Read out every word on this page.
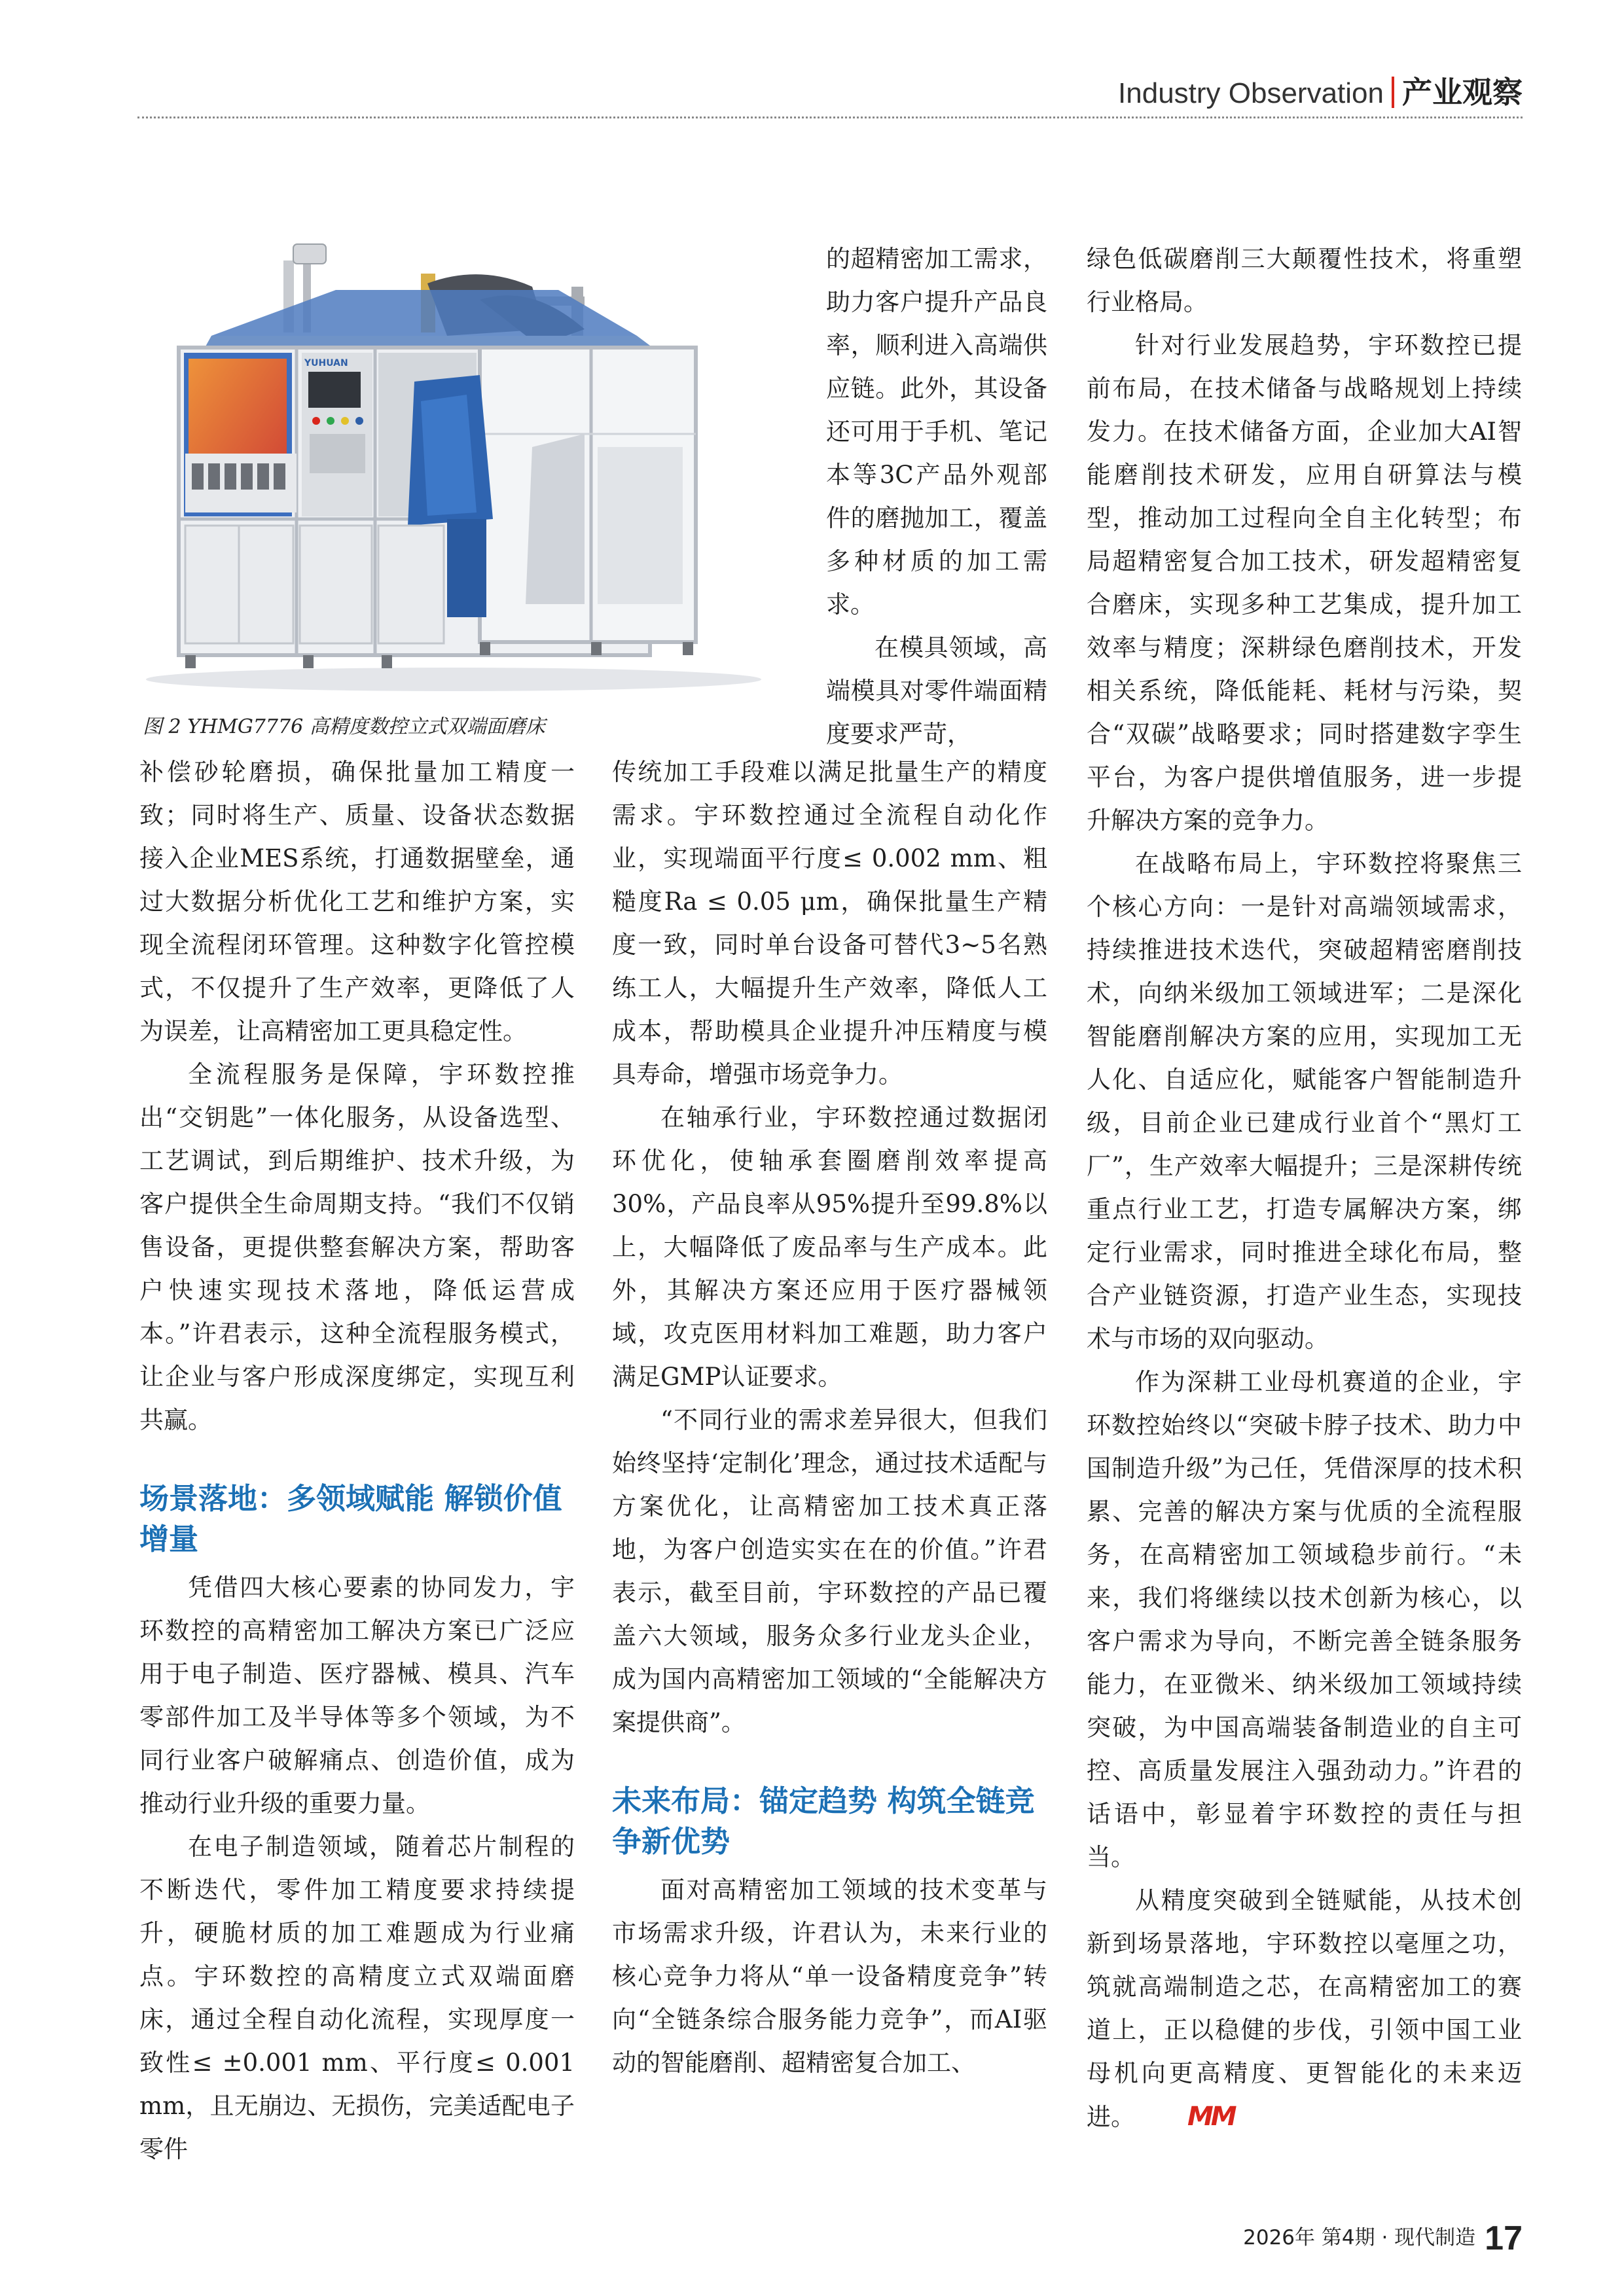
Industry Observation 产业观察
YUHUAN
图 2 YHMG7776 高精度数控立式双端面磨床

的超精密加工需求，助力客户提升产品良率，顺利进入高端供应链。此外，其设备还可用于手机、笔记本等3C产品外观部件的磨抛加工，覆盖多种材质的加工需求。

在模具领域，高端模具对零件端面精度要求严苛，

补偿砂轮磨损，确保批量加工精度一致；同时将生产、质量、设备状态数据接入企业MES系统，打通数据壁垒，通过大数据分析优化工艺和维护方案，实现全流程闭环管理。这种数字化管控模式，不仅提升了生产效率，更降低了人为误差，让高精密加工更具稳定性。

全流程服务是保障，宇环数控推出“交钥匙”一体化服务，从设备选型、工艺调试，到后期维护、技术升级，为客户提供全生命周期支持。“我们不仅销售设备，更提供整套解决方案，帮助客户快速实现技术落地，降低运营成本。”许君表示，这种全流程服务模式，让企业与客户形成深度绑定，实现互利共赢。

场景落地：多领域赋能 解锁价值增量

凭借四大核心要素的协同发力，宇环数控的高精密加工解决方案已广泛应用于电子制造、医疗器械、模具、汽车零部件加工及半导体等多个领域，为不同行业客户破解痛点、创造价值，成为推动行业升级的重要力量。

在电子制造领域，随着芯片制程的不断迭代，零件加工精度要求持续提升，硬脆材质的加工难题成为行业痛点。宇环数控的高精度立式双端面磨床，通过全程自动化流程，实现厚度一致性≤ ±0.001 mm、平行度≤ 0.001 mm，且无崩边、无损伤，完美适配电子零件

传统加工手段难以满足批量生产的精度需求。宇环数控通过全流程自动化作业，实现端面平行度≤ 0.002 mm、粗糙度Ra ≤ 0.05 μm，确保批量生产精度一致，同时单台设备可替代3~5名熟练工人，大幅提升生产效率，降低人工成本，帮助模具企业提升冲压精度与模具寿命，增强市场竞争力。

在轴承行业，宇环数控通过数据闭环优化，使轴承套圈磨削效率提高30%，产品良率从95%提升至99.8%以上，大幅降低了废品率与生产成本。此外，其解决方案还应用于医疗器械领域，攻克医用材料加工难题，助力客户满足GMP认证要求。

“不同行业的需求差异很大，但我们始终坚持‘定制化’理念，通过技术适配与方案优化，让高精密加工技术真正落地，为客户创造实实在在的价值。”许君表示，截至目前，宇环数控的产品已覆盖六大领域，服务众多行业龙头企业，成为国内高精密加工领域的“全能解决方案提供商”。

未来布局：锚定趋势 构筑全链竞争新优势

面对高精密加工领域的技术变革与市场需求升级，许君认为，未来行业的核心竞争力将从“单一设备精度竞争”转向“全链条综合服务能力竞争”，而AI驱动的智能磨削、超精密复合加工、

绿色低碳磨削三大颠覆性技术，将重塑行业格局。

针对行业发展趋势，宇环数控已提前布局，在技术储备与战略规划上持续发力。在技术储备方面，企业加大AI智能磨削技术研发，应用自研算法与模型，推动加工过程向全自主化转型；布局超精密复合加工技术，研发超精密复合磨床，实现多种工艺集成，提升加工效率与精度；深耕绿色磨削技术，开发相关系统，降低能耗、耗材与污染，契合“双碳”战略要求；同时搭建数字孪生平台，为客户提供增值服务，进一步提升解决方案的竞争力。

在战略布局上，宇环数控将聚焦三个核心方向：一是针对高端领域需求，持续推进技术迭代，突破超精密磨削技术，向纳米级加工领域进军；二是深化智能磨削解决方案的应用，实现加工无人化、自适应化，赋能客户智能制造升级，目前企业已建成行业首个“黑灯工厂”，生产效率大幅提升；三是深耕传统重点行业工艺，打造专属解决方案，绑定行业需求，同时推进全球化布局，整合产业链资源，打造产业生态，实现技术与市场的双向驱动。

作为深耕工业母机赛道的企业，宇环数控始终以“突破卡脖子技术、助力中国制造升级”为己任，凭借深厚的技术积累、完善的解决方案与优质的全流程服务，在高精密加工领域稳步前行。“未来，我们将继续以技术创新为核心，以客户需求为导向，不断完善全链条服务能力，在亚微米、纳米级加工领域持续突破，为中国高端装备制造业的自主可控、高质量发展注入强劲动力。”许君的话语中，彰显着宇环数控的责任与担当。

从精度突破到全链赋能，从技术创新到场景落地，宇环数控以毫厘之功，筑就高端制造之芯，在高精密加工的赛道上，正以稳健的步伐，引领中国工业母机向更高精度、更智能化的未来迈进。 MM

2026年 第4期 · 现代制造 17
